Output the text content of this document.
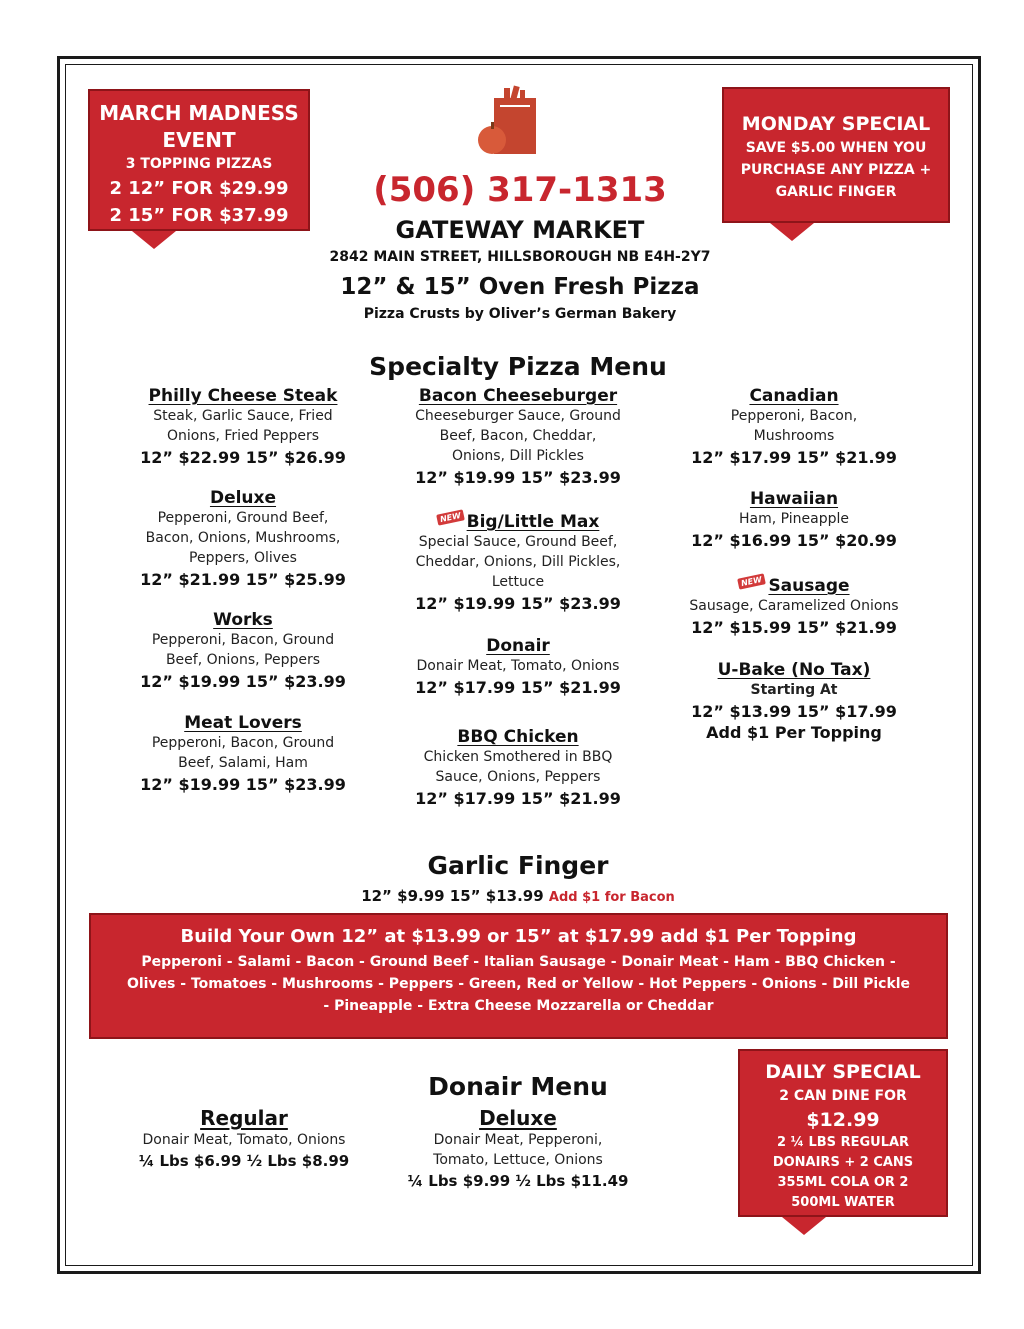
MARCH MADNESS
EVENT
3 TOPPING PIZZAS
2 12” FOR $29.99
2 15” FOR $37.99
MONDAY SPECIAL
SAVE $5.00 WHEN YOU
PURCHASE ANY PIZZA +
GARLIC FINGER
(506) 317-1313
GATEWAY MARKET
2842 MAIN STREET, HILLSBOROUGH NB E4H-2Y7
12” & 15” Oven Fresh Pizza
Pizza Crusts by Oliver’s German Bakery
Specialty Pizza Menu
Philly Cheese Steak
Steak, Garlic Sauce, Fried
Onions, Fried Peppers
12” $22.99 15” $26.99
Deluxe
Pepperoni, Ground Beef,
Bacon, Onions, Mushrooms,
Peppers, Olives
12” $21.99 15” $25.99
Works
Pepperoni, Bacon, Ground
Beef, Onions, Peppers
12” $19.99 15” $23.99
Meat Lovers
Pepperoni, Bacon, Ground
Beef, Salami, Ham
12” $19.99 15” $23.99
Bacon Cheeseburger
Cheeseburger Sauce, Ground
Beef, Bacon, Cheddar,
Onions, Dill Pickles
12” $19.99 15” $23.99
NEW Big/Little Max
Special Sauce, Ground Beef,
Cheddar, Onions, Dill Pickles,
Lettuce
12” $19.99 15” $23.99
Donair
Donair Meat, Tomato, Onions
12” $17.99 15” $21.99
BBQ Chicken
Chicken Smothered in BBQ
Sauce, Onions, Peppers
12” $17.99 15” $21.99
Canadian
Pepperoni, Bacon,
Mushrooms
12” $17.99 15” $21.99
Hawaiian
Ham, Pineapple
12” $16.99 15” $20.99
NEW Sausage
Sausage, Caramelized Onions
12” $15.99 15” $21.99
U-Bake (No Tax)
Starting At
12” $13.99 15” $17.99
Add $1 Per Topping
Garlic Finger
12” $9.99 15” $13.99 Add $1 for Bacon
Build Your Own 12” at $13.99 or 15” at $17.99 add $1 Per Topping
Pepperoni - Salami - Bacon - Ground Beef - Italian Sausage - Donair Meat - Ham - BBQ Chicken -
Olives - Tomatoes - Mushrooms - Peppers - Green, Red or Yellow - Hot Peppers - Onions - Dill Pickle
- Pineapple - Extra Cheese Mozzarella or Cheddar
Donair Menu
Regular
Donair Meat, Tomato, Onions
¼ Lbs $6.99 ½ Lbs $8.99
Deluxe
Donair Meat, Pepperoni,
Tomato, Lettuce, Onions
¼ Lbs $9.99 ½ Lbs $11.49
DAILY SPECIAL
2 CAN DINE FOR
$12.99
2 ¼ LBS REGULAR
DONAIRS + 2 CANS
355ML COLA OR 2
500ML WATER
